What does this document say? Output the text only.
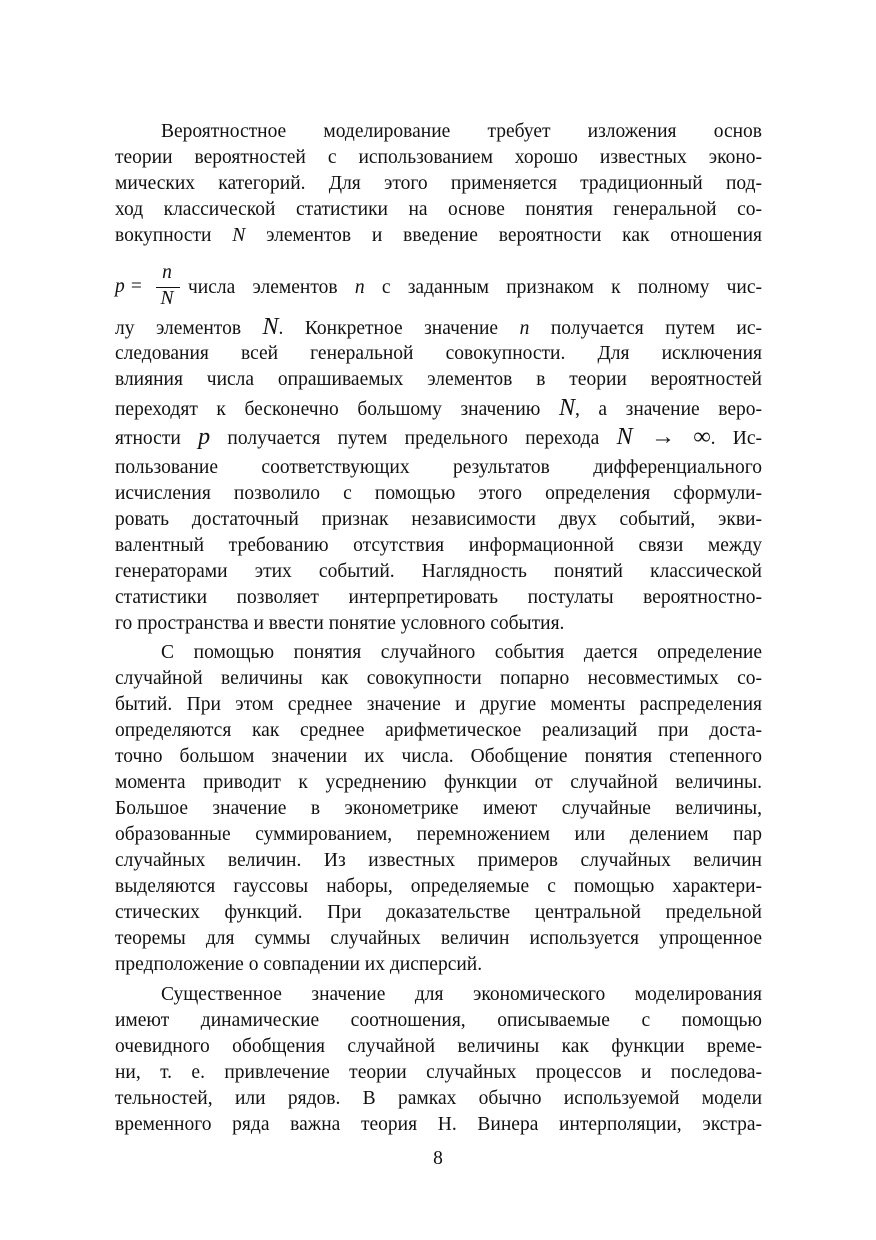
Вероятностное моделирование требует изложения основ
теории вероятностей с использованием хорошо известных эконо-
мических категорий. Для этого применяется традиционный под-
ход классической статистики на основе понятия генеральной со-
вокупности N элементов и введение вероятности как отношения
p =
n
N
числа элементов n с заданным признаком к полному чис-
лу элементов N. Конкретное значение n получается путем ис-
следования всей генеральной совокупности. Для исключения
влияния числа опрашиваемых элементов в теории вероятностей
переходят к бесконечно большому значению N, а значение веро-
ятности p получается путем предельного перехода N → ∞. Ис-
пользование соответствующих результатов дифференциального
исчисления позволило с помощью этого определения сформули-
ровать достаточный признак независимости двух событий, экви-
валентный требованию отсутствия информационной связи между
генераторами этих событий. Наглядность понятий классической
статистики позволяет интерпретировать постулаты вероятностно-
го пространства и ввести понятие условного события.
С помощью понятия случайного события дается определение
случайной величины как совокупности попарно несовместимых со-
бытий. При этом среднее значение и другие моменты распределения
определяются как среднее арифметическое реализаций при доста-
точно большом значении их числа. Обобщение понятия степенного
момента приводит к усреднению функции от случайной величины.
Большое значение в эконометрике имеют случайные величины,
образованные суммированием, перемножением или делением пар
случайных величин. Из известных примеров случайных величин
выделяются гауссовы наборы, определяемые с помощью характери-
стических функций. При доказательстве центральной предельной
теоремы для суммы случайных величин используется упрощенное
предположение о совпадении их дисперсий.
Существенное значение для экономического моделирования
имеют динамические соотношения, описываемые с помощью
очевидного обобщения случайной величины как функции време-
ни, т. е. привлечение теории случайных процессов и последова-
тельностей, или рядов. В рамках обычно используемой модели
временного ряда важна теория Н. Винера интерполяции, экстра-
8
